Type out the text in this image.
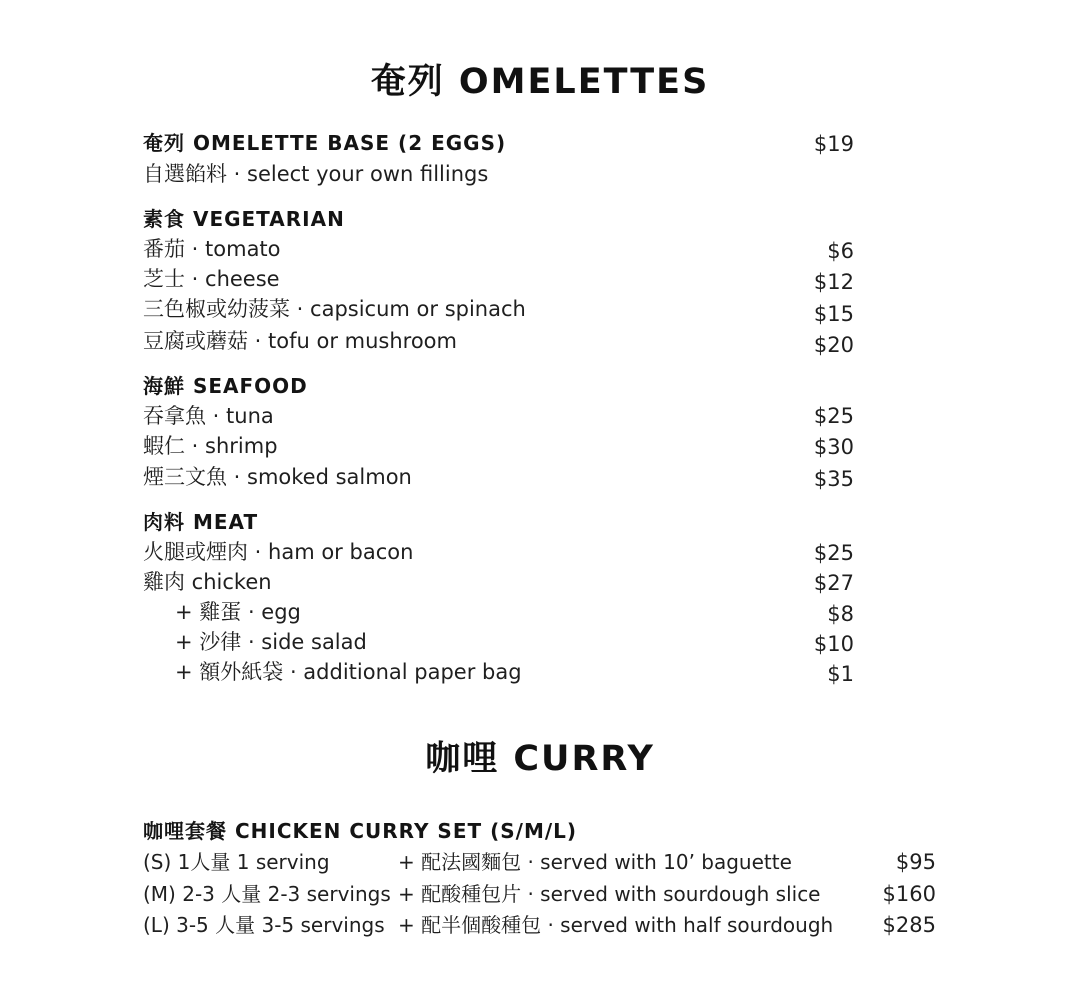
奄列 OMELETTES
奄列 OMELETTE BASE (2 EGGS)	$19
自選餡料 · select your own fillings
素食 VEGETARIAN
番茄 · tomato	$6
芝士 · cheese	$12
三色椒或幼菠菜 · capsicum or spinach	$15
豆腐或蘑菇 · tofu or mushroom	$20
海鮮 SEAFOOD
吞拿魚 · tuna	$25
蝦仁 · shrimp	$30
煙三文魚 · smoked salmon	$35
肉料 MEAT
火腿或煙肉 · ham or bacon	$25
雞肉 chicken	$27
+ 雞蛋 · egg	$8
+ 沙律 · side salad	$10
+ 額外紙袋 · additional paper bag	$1
咖哩 CURRY
咖哩套餐 CHICKEN CURRY SET (S/M/L)
(S) 1人量 1 serving	+ 配法國麵包 · served with 10’ baguette	$95
(M) 2-3 人量 2-3 servings + 配酸種包片 · served with sourdough slice	$160
(L) 3-5 人量 3-5 servings + 配半個酸種包 · served with half sourdough	$285
